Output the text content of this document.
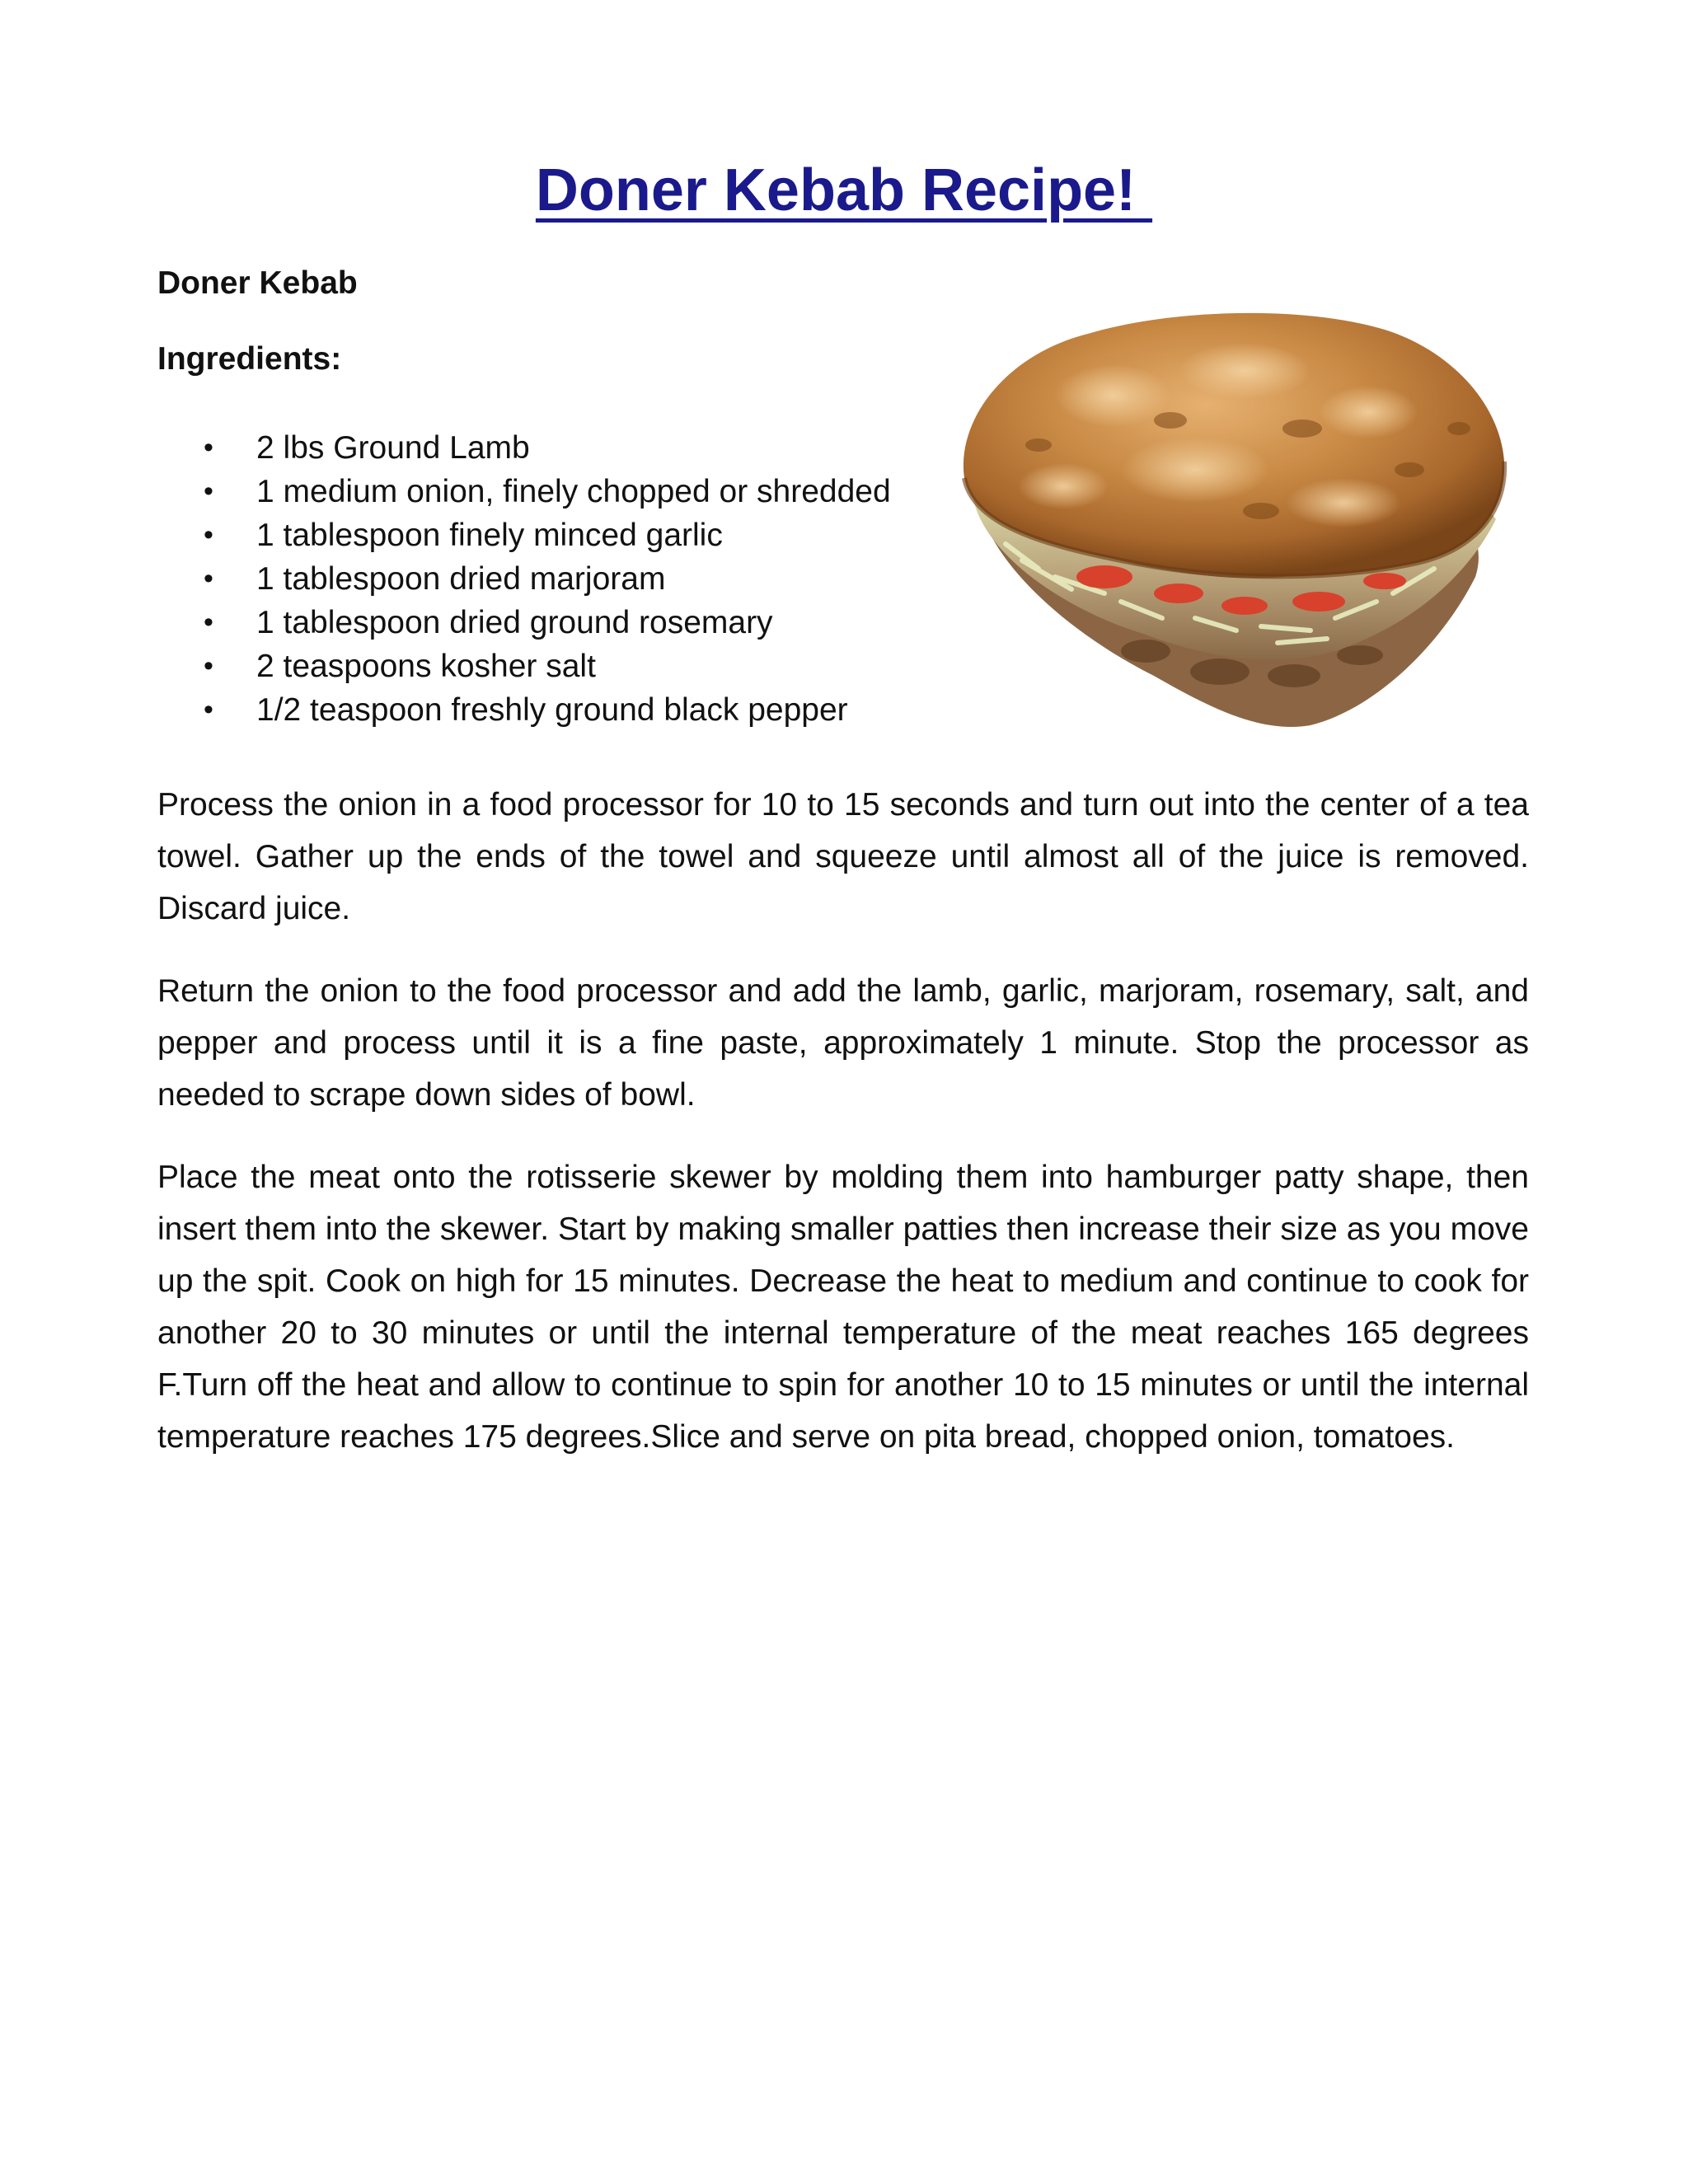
Doner Kebab Recipe!

Doner Kebab

Ingredients:

• 2 lbs Ground Lamb
• 1 medium onion, finely chopped or shredded
• 1 tablespoon finely minced garlic
• 1 tablespoon dried marjoram
• 1 tablespoon dried ground rosemary
• 2 teaspoons kosher salt
• 1/2 teaspoon freshly ground black pepper

Process the onion in a food processor for 10 to 15 seconds and turn out into the center of a tea towel. Gather up the ends of the towel and squeeze until almost all of the juice is removed. Discard juice.

Return the onion to the food processor and add the lamb, garlic, marjoram, rosemary, salt, and pepper and process until it is a fine paste, approximately 1 minute. Stop the processor as needed to scrape down sides of bowl.

Place the meat onto the rotisserie skewer by molding them into hamburger patty shape, then insert them into the skewer. Start by making smaller patties then increase their size as you move up the spit. Cook on high for 15 minutes. Decrease the heat to medium and continue to cook for another 20 to 30 minutes or until the internal temperature of the meat reaches 165 degrees F.Turn off the heat and allow to continue to spin for another 10 to 15 minutes or until the internal temperature reaches 175 degrees.Slice and serve on pita bread, chopped onion, tomatoes.
